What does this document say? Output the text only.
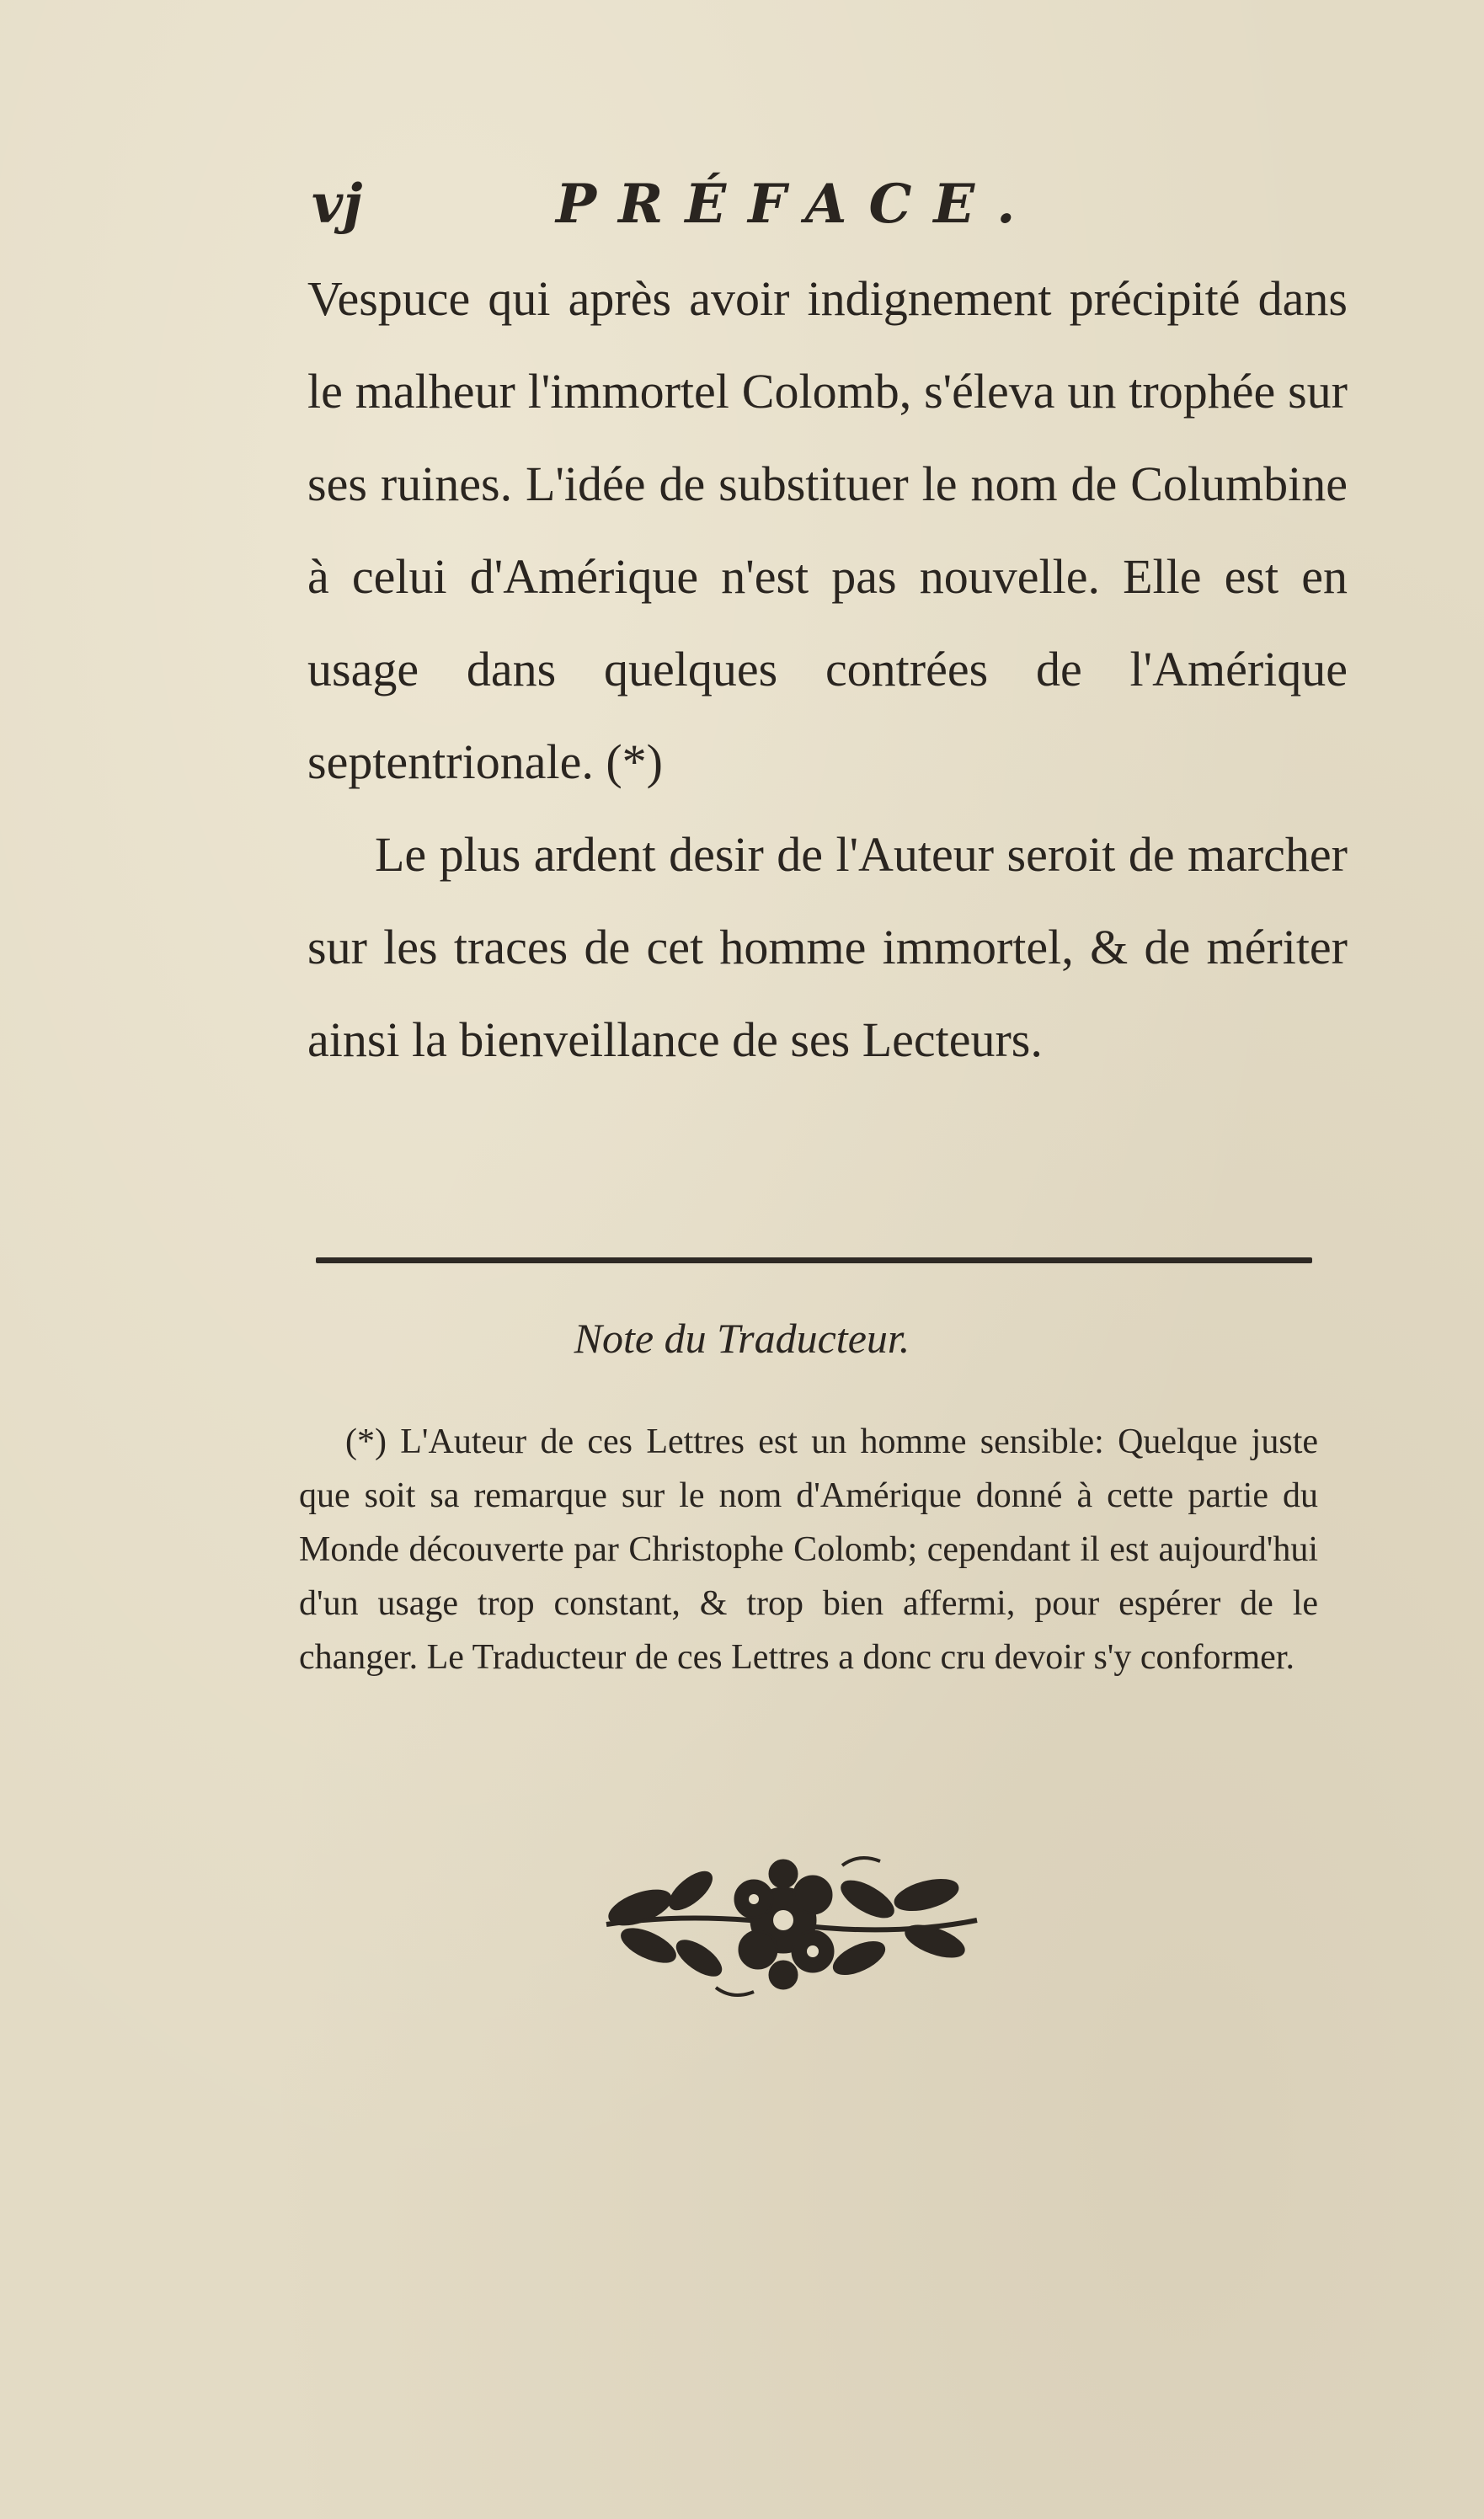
vj	PRÉFACE.

Vespuce qui après avoir indignement précipité dans le malheur l'immortel Colomb, s'éleva un trophée sur ses ruines. L'idée de substituer le nom de Columbine à celui d'Amérique n'est pas nouvelle. Elle est en usage dans quelques contrées de l'Amérique septentrionale. (*)

Le plus ardent desir de l'Auteur seroit de marcher sur les traces de cet homme immortel, & de mériter ainsi la bienveillance de ses Lecteurs.

Note du Traducteur.

(*) L'Auteur de ces Lettres est un homme sensible: Quelque juste que soit sa remarque sur le nom d'Amérique donné à cette partie du Monde découverte par Christophe Colomb; cependant il est aujourd'hui d'un usage trop constant, & trop bien affermi, pour espérer de le changer. Le Traducteur de ces Lettres a donc cru devoir s'y conformer.
